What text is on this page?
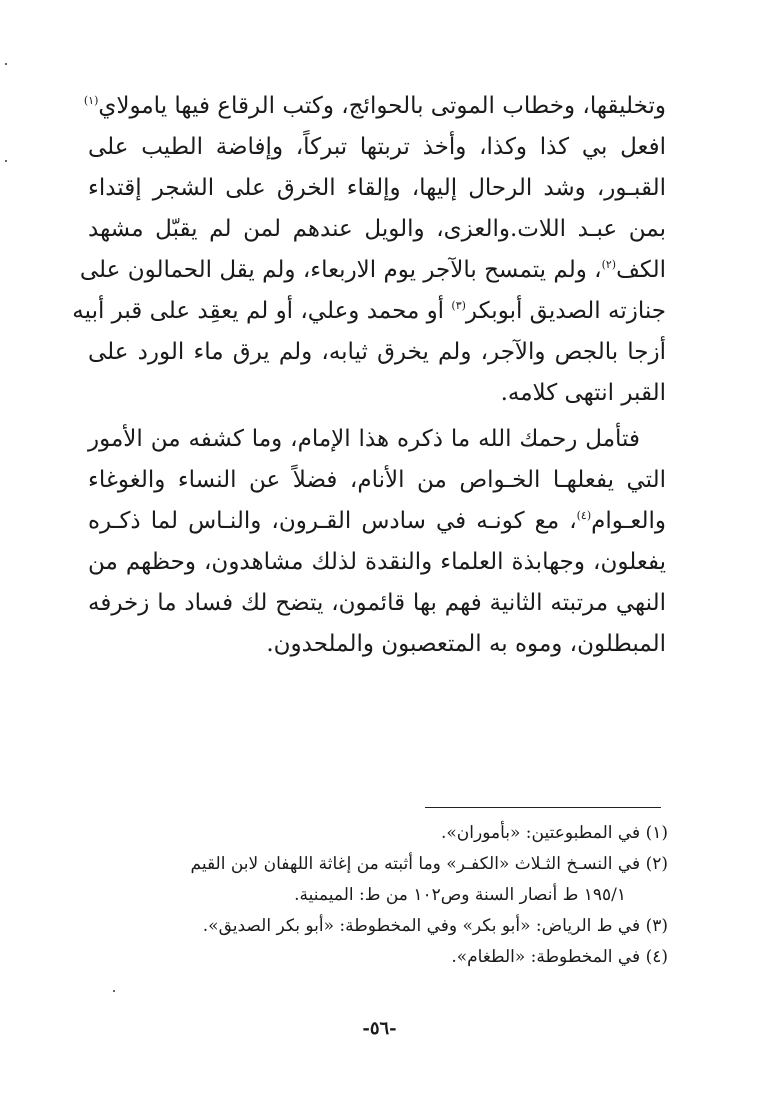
وتخليقها، وخطاب الموتى بالحوائج، وكتب الرقاع فيها يامولاي$^{(١)}$
افعل بي كذا وكذا، وأخذ تربتها تبركاً، وإفاضة الطيب على
القبـور، وشد الرحال إليها، وإلقاء الخرق على الشجر إقتداء
بمن عبـد اللات.والعزى، والويل عندهم لمن لم يقبّل مشهد
الكف$^{(٢)}$، ولم يتمسح بالآجر يوم الاربعاء، ولم يقل الحمالون على
جنازته الصديق أبوبكر$^{(٣)}$ أو محمد وعلي، أو لم يعقِد على قبر أبيه
أزجا بالجص والآجر، ولم يخرق ثيابه، ولم يرق ماء الورد على
القبر انتهى كلامه.

فتأمل رحمك الله ما ذكره هذا الإمام، وما كشفه من الأمور
التي يفعلهـا الخـواص من الأنام، فضلاً عن النساء والغوغاء
والعـوام$^{(٤)}$، مع كونـه في سادس القـرون، والنـاس لما ذكـره
يفعلون، وجهابذة العلماء والنقدة لذلك مشاهدون، وحظهم من
النهي مرتبته الثانية فهم بها قائمون، يتضح لك فساد ما زخرفه
المبطلون، وموه به المتعصبون والملحدون.

(١) في المطبوعتين: «بأموران».
(٢) في النسـخ الثـلاث «الكفـر» وما أثبته من إغاثة اللهفان لابن القيم
١٩٥/١ ط أنصار السنة وص١٠٢ من ط: الميمنية.
(٣) في ط الرياض: «أبو بكر» وفي المخطوطة: «أبو بكر الصديق».
(٤) في المخطوطة: «الطغام».
-٥٦-
